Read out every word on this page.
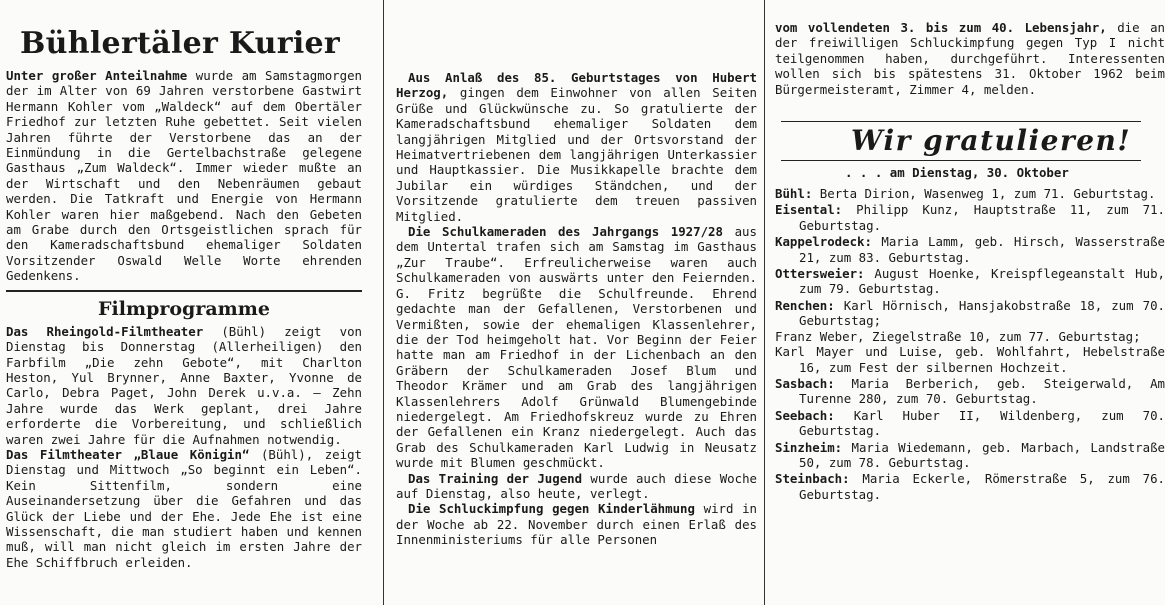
Bühlertäler Kurier

Unter großer Anteilnahme wurde am Samstagmorgen der im Alter von 69 Jahren verstorbene Gastwirt Hermann Kohler vom „Waldeck“ auf dem Obertäler Friedhof zur letzten Ruhe gebettet. Seit vielen Jahren führte der Verstorbene das an der Einmündung in die Gertelbachstraße gelegene Gasthaus „Zum Waldeck“. Immer wieder mußte an der Wirtschaft und den Nebenräumen gebaut werden. Die Tatkraft und Energie von Hermann Kohler waren hier maßgebend. Nach den Gebeten am Grabe durch den Ortsgeistlichen sprach für den Kameradschaftsbund ehemaliger Soldaten Vorsitzender Oswald Welle Worte ehrenden Gedenkens.

Filmprogramme

Das Rheingold-Filmtheater (Bühl) zeigt von Dienstag bis Donnerstag (Allerheiligen) den Farbfilm „Die zehn Gebote“, mit Charlton Heston, Yul Brynner, Anne Baxter, Yvonne de Carlo, Debra Paget, John Derek u.v.a. — Zehn Jahre wurde das Werk geplant, drei Jahre erforderte die Vorbereitung, und schließlich waren zwei Jahre für die Aufnahmen notwendig.

Das Filmtheater „Blaue Königin“ (Bühl), zeigt Dienstag und Mittwoch „So beginnt ein Leben“. Kein Sittenfilm, sondern eine Auseinandersetzung über die Gefahren und das Glück der Liebe und der Ehe. Jede Ehe ist eine Wissenschaft, die man studiert haben und kennen muß, will man nicht gleich im ersten Jahre der Ehe Schiffbruch erleiden.

Aus Anlaß des 85. Geburtstages von Hubert Herzog, gingen dem Einwohner von allen Seiten Grüße und Glückwünsche zu. So gratulierte der Kameradschaftsbund ehemaliger Soldaten dem langjährigen Mitglied und der Ortsvorstand der Heimatvertriebenen dem langjährigen Unterkassier und Hauptkassier. Die Musikkapelle brachte dem Jubilar ein würdiges Ständchen, und der Vorsitzende gratulierte dem treuen passiven Mitglied.

Die Schulkameraden des Jahrgangs 1927/28 aus dem Untertal trafen sich am Samstag im Gasthaus „Zur Traube“. Erfreulicherweise waren auch Schulkameraden von auswärts unter den Feiernden. G. Fritz begrüßte die Schulfreunde. Ehrend gedachte man der Gefallenen, Verstorbenen und Vermißten, sowie der ehemaligen Klassenlehrer, die der Tod heimgeholt hat. Vor Beginn der Feier hatte man am Friedhof in der Lichenbach an den Gräbern der Schulkameraden Josef Blum und Theodor Krämer und am Grab des langjährigen Klassenlehrers Adolf Grünwald Blumengebinde niedergelegt. Am Friedhofskreuz wurde zu Ehren der Gefallenen ein Kranz niedergelegt. Auch das Grab des Schulkameraden Karl Ludwig in Neusatz wurde mit Blumen geschmückt.

Das Training der Jugend wurde auch diese Woche auf Dienstag, also heute, verlegt.

Die Schluckimpfung gegen Kinderlähmung wird in der Woche ab 22. November durch einen Erlaß des Innenministeriums für alle Personen

vom vollendeten 3. bis zum 40. Lebensjahr, die an der freiwilligen Schluckimpfung gegen Typ I nicht teilgenommen haben, durchgeführt. Interessenten wollen sich bis spätestens 31. Oktober 1962 beim Bürgermeisteramt, Zimmer 4, melden.

Wir gratulieren!
. . . am Dienstag, 30. Oktober
Bühl: Berta Dirion, Wasenweg 1, zum 71. Geburtstag.
Eisental: Philipp Kunz, Hauptstraße 11, zum 71. Geburtstag.
Kappelrodeck: Maria Lamm, geb. Hirsch, Wasserstraße 21, zum 83. Geburtstag.
Ottersweier: August Hoenke, Kreispflegeanstalt Hub, zum 79. Geburtstag.
Renchen: Karl Hörnisch, Hansjakobstraße 18, zum 70. Geburtstag;
Franz Weber, Ziegelstraße 10, zum 77. Geburtstag;
Karl Mayer und Luise, geb. Wohlfahrt, Hebelstraße 16, zum Fest der silbernen Hochzeit.
Sasbach: Maria Berberich, geb. Steigerwald, Am Turenne 280, zum 70. Geburtstag.
Seebach: Karl Huber II, Wildenberg, zum 70. Geburtstag.
Sinzheim: Maria Wiedemann, geb. Marbach, Landstraße 50, zum 78. Geburtstag.
Steinbach: Maria Eckerle, Römerstraße 5, zum 76. Geburtstag.
